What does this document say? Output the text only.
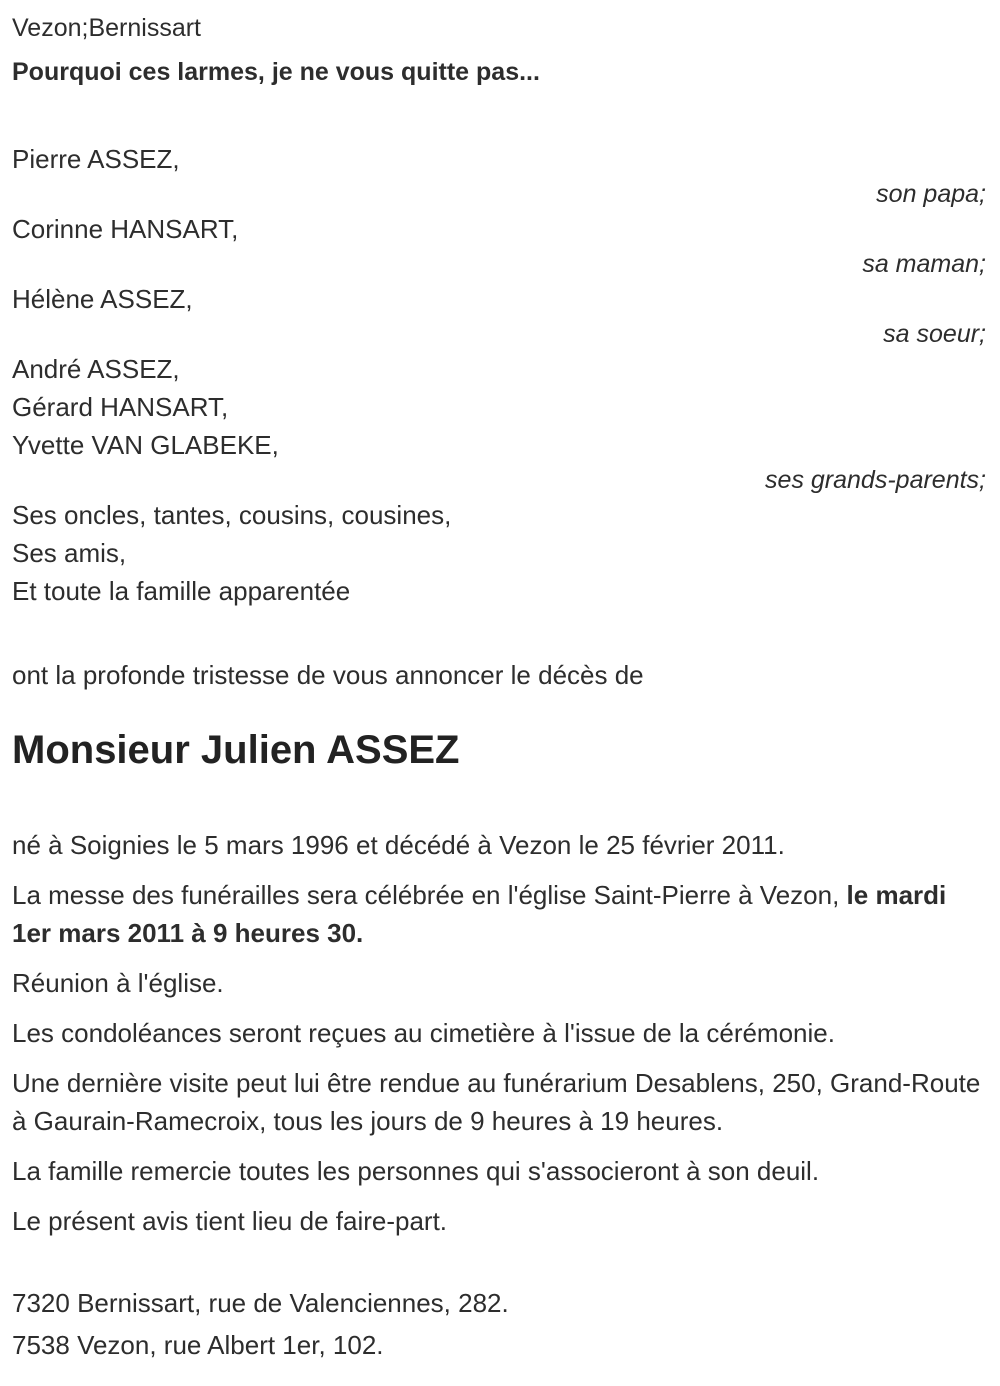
Vezon;Bernissart
Pourquoi ces larmes, je ne vous quitte pas...
Pierre ASSEZ,
son papa;
Corinne HANSART,
sa maman;
Hélène ASSEZ,
sa soeur;
André ASSEZ,
Gérard HANSART,
Yvette VAN GLABEKE,
ses grands-parents;
Ses oncles, tantes, cousins, cousines,
Ses amis,
Et toute la famille apparentée
ont la profonde tristesse de vous annoncer le décès de
Monsieur Julien ASSEZ

né à Soignies le 5 mars 1996 et décédé à Vezon le 25 février 2011.

La messe des funérailles sera célébrée en l'église Saint-Pierre à Vezon, le mardi 1er mars 2011 à 9 heures 30.

Réunion à l'église.

Les condoléances seront reçues au cimetière à l'issue de la cérémonie.

Une dernière visite peut lui être rendue au funérarium Desablens, 250, Grand-Route à Gaurain-Ramecroix, tous les jours de 9 heures à 19 heures.

La famille remercie toutes les personnes qui s'associeront à son deuil.

Le présent avis tient lieu de faire-part.

7320 Bernissart, rue de Valenciennes, 282.
7538 Vezon, rue Albert 1er, 102.
